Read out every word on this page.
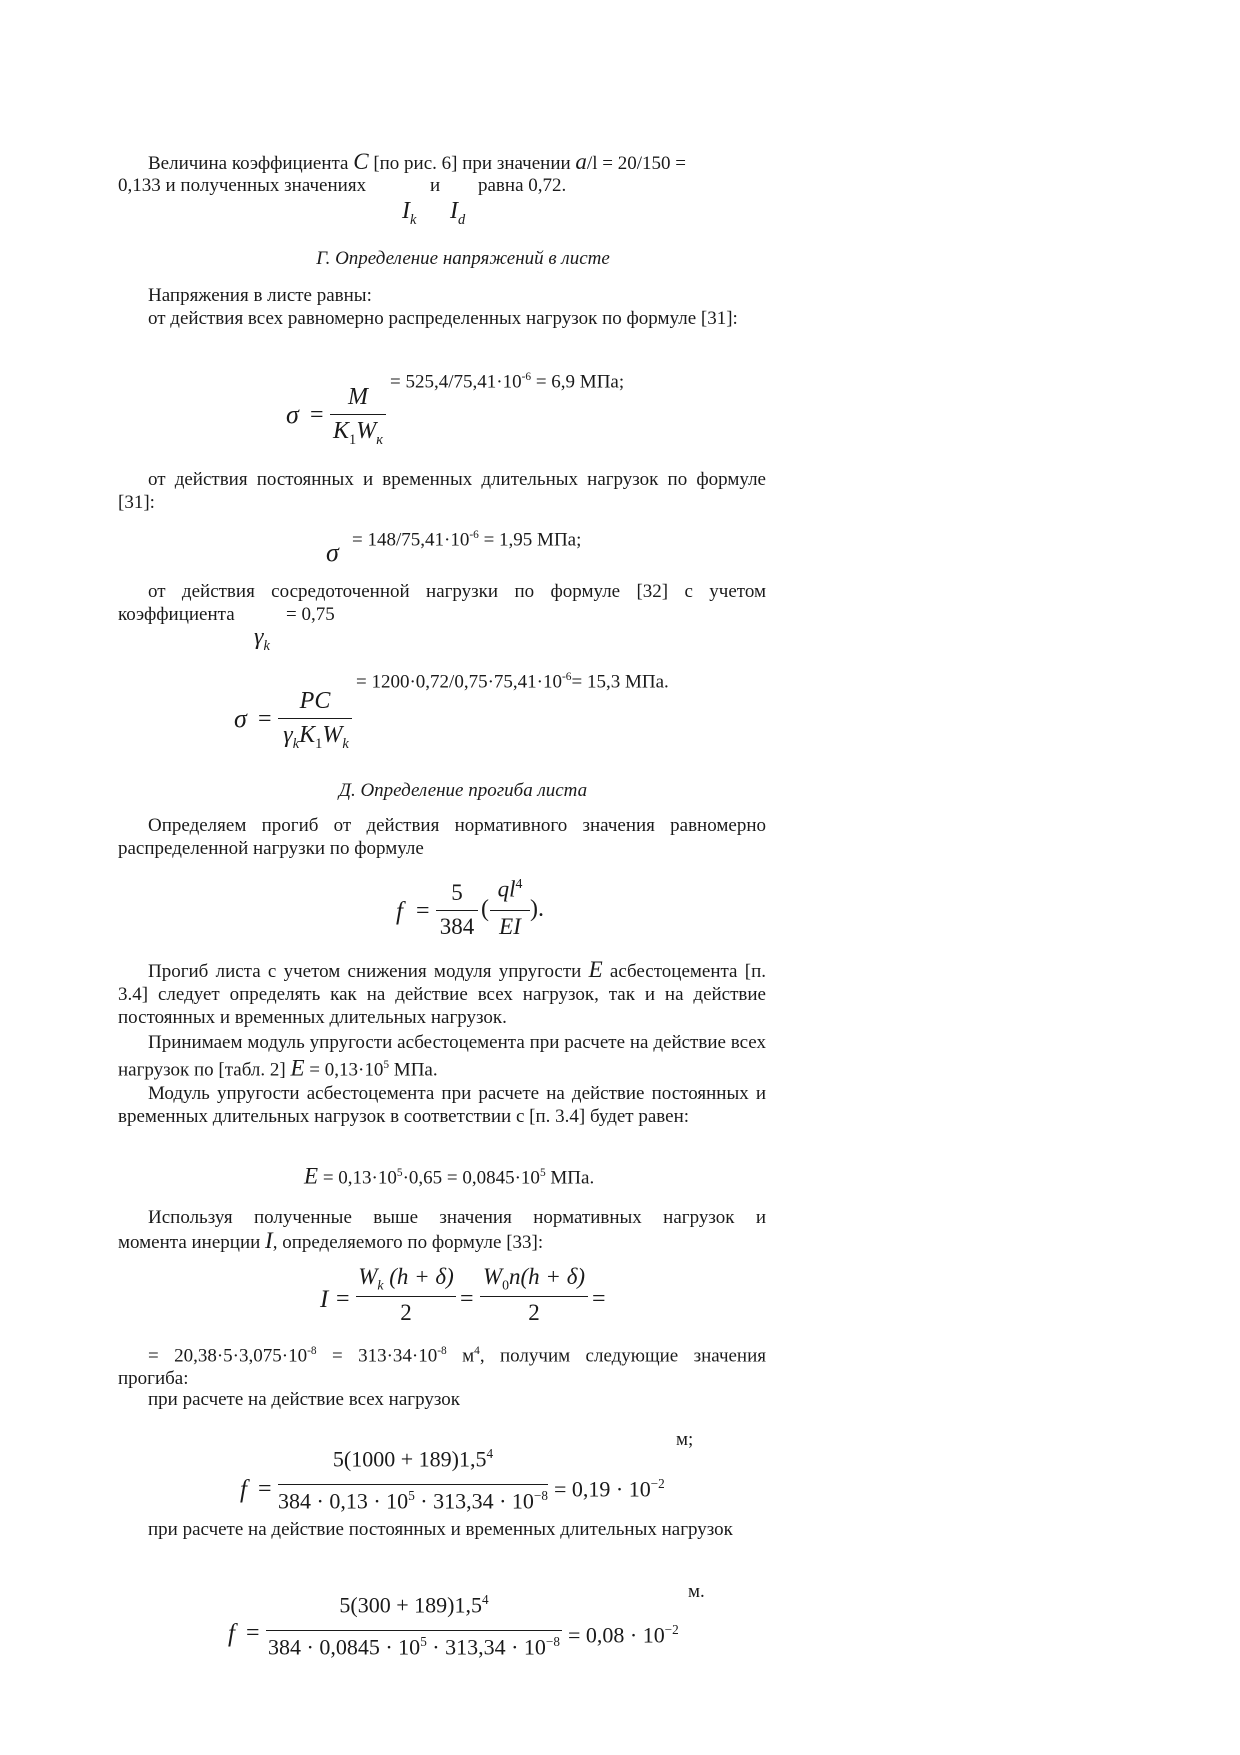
Величина коэффициента C [по рис. 6] при значении a/l = 20/150 =
0,133 и полученных значениях	и равна 0,72.
$I_k$ $I_d$
Г. Определение напряжений в листе
Напряжения в листе равны:
от действия всех равномерно распределенных нагрузок по формуле [31]:
= $525,4/75,41\cdot 10^{-6} = 6,9$ МПа;
σ =
M
$K_1W_к$
от действия постоянных и временных длительных нагрузок по формуле [31]:
$\sigma = 148/75,41\cdot 10^{-6} = 1,95$ МПа;
от действия сосредоточенной нагрузки по формуле [32] с учетом
коэффициента	= 0,75
$\gamma_k$
= $1200\cdot 0,72/0,75\cdot 75,41\cdot 10^{-6}= 15,3$ МПа.
σ =
PC
$\gamma_kK_1W_k$
Д. Определение прогиба листа
Определяем прогиб от действия нормативного значения равномерно распределенной нагрузки по формуле
f =
5
384
(
$ql^4$
EI
).
Прогиб листа с учетом снижения модуля упругости E асбестоцемента [п. 3.4] следует определять как на действие всех нагрузок, так и на действие постоянных и временных длительных нагрузок.
Принимаем модуль упругости асбестоцемента при расчете на действие всех нагрузок по [табл. 2] $E = 0,13\cdot 10^5$ МПа.
Модуль упругости асбестоцемента при расчете на действие постоянных и временных длительных нагрузок в соответствии с [п. 3.4] будет равен:
$E = 0,13\cdot 10^5\cdot 0,65 = 0,0845\cdot 10^5$ МПа.
Используя полученные выше значения нормативных нагрузок и
момента инерции I, определяемого по формуле [33]:
I =
$W_k$ (h + δ)
2
=
$W_0n(h + \delta)$
2
=
= $20,38\cdot 5\cdot 3,075\cdot 10^{-8} = 313\cdot 34\cdot 10^{-8}$ $м^4$, получим следующие значения прогиба:
при расчете на действие всех нагрузок
м;
f =
$5(1000 + 189)1,5^4$
$384 \cdot 0,13 \cdot 10^5 \cdot 313,34 \cdot 10^{-8} = 0,19 \cdot 10^{-2}$
при расчете на действие постоянных и временных длительных нагрузок
м.
f =
$5(300 + 189)1,5^4$
$384 \cdot 0,0845 \cdot 10^5 \cdot 313,34 \cdot 10^{-8} = 0,08 \cdot 10^{-2}$
